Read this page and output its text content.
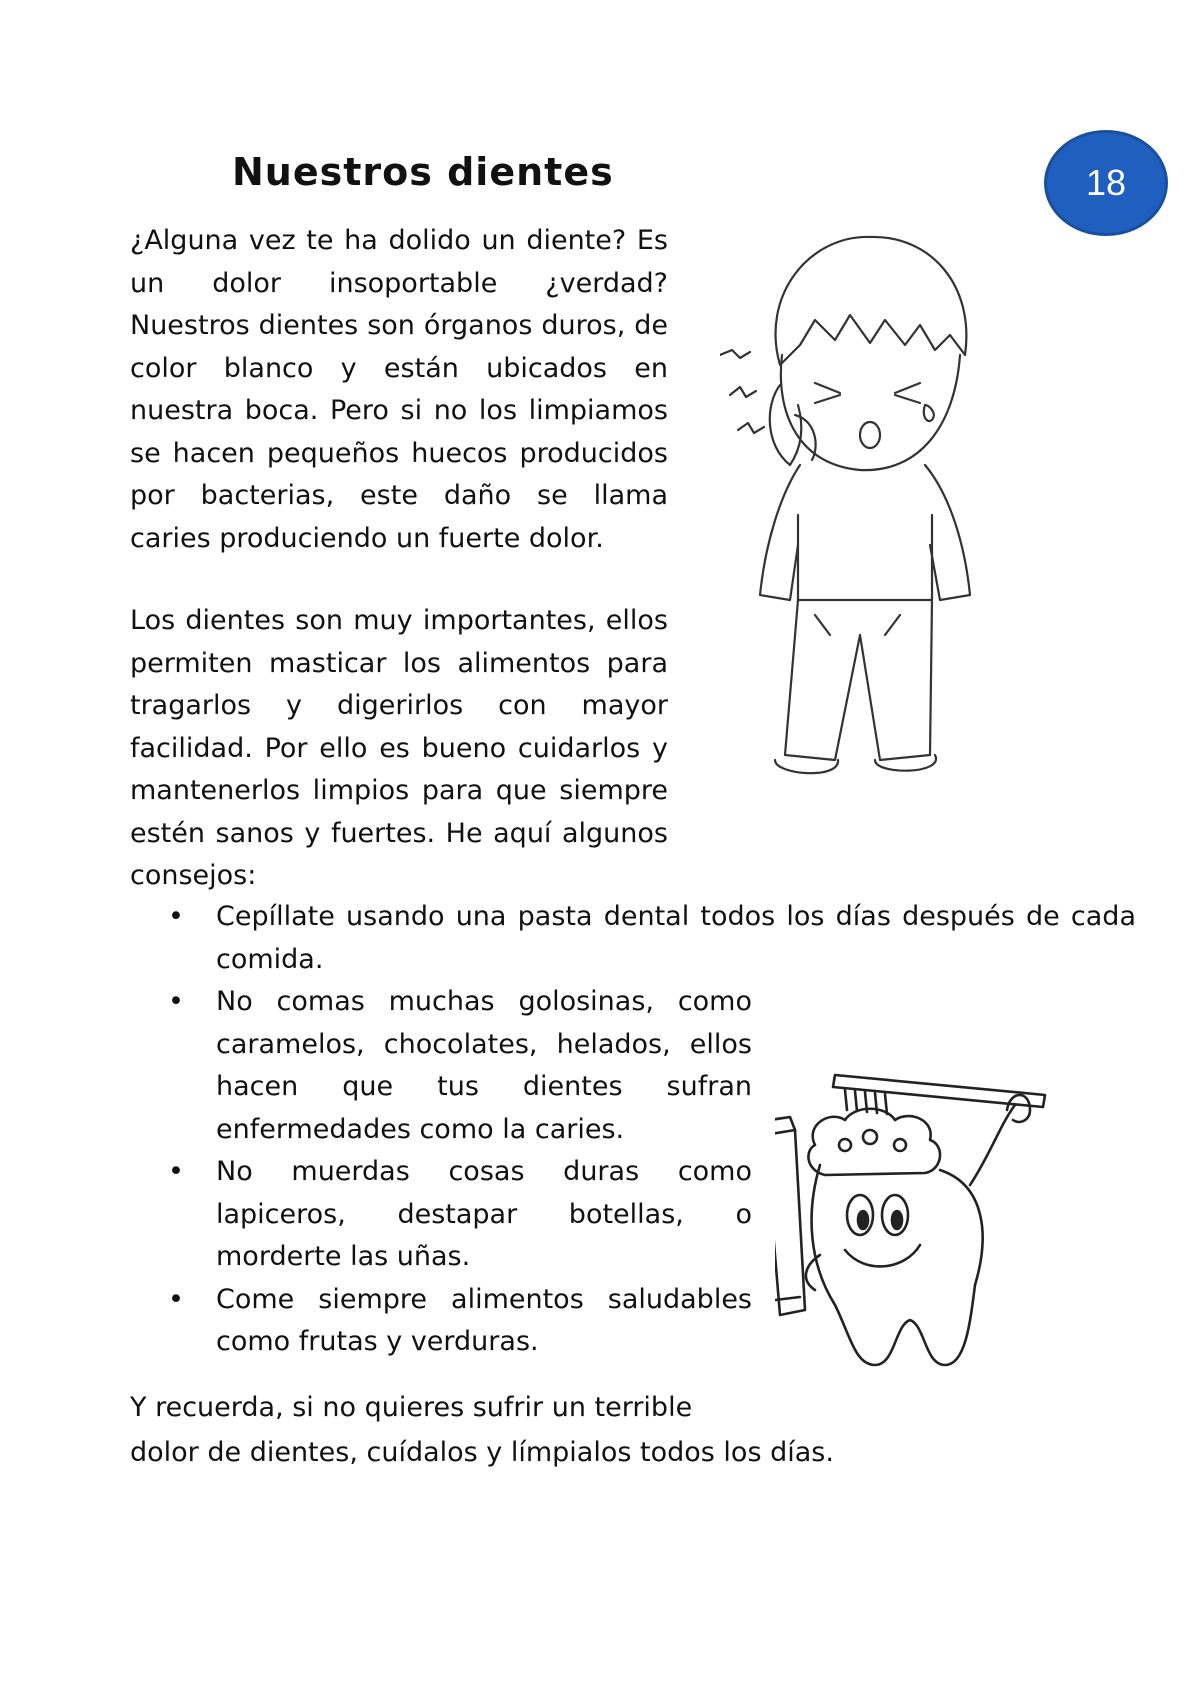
Nuestros dientes	18

¿Alguna vez te ha dolido un diente? Es un dolor insoportable ¿verdad? Nuestros dientes son órganos duros, de color blanco y están ubicados en nuestra boca. Pero si no los limpiamos se hacen pequeños huecos producidos por bacterias, este daño se llama caries produciendo un fuerte dolor.

Los dientes son muy importantes, ellos permiten masticar los alimentos para tragarlos y digerirlos con mayor facilidad. Por ello es bueno cuidarlos y mantenerlos limpios para que siempre estén sanos y fuertes. He aquí algunos consejos:

• Cepíllate usando una pasta dental todos los días después de cada comida.
• No comas muchas golosinas, como caramelos, chocolates, helados, ellos hacen que tus dientes sufran enfermedades como la caries.
• No muerdas cosas duras como lapiceros, destapar botellas, o morderte las uñas.
• Come siempre alimentos saludables como frutas y verduras.
Y recuerda, si no quieres sufrir un terrible
dolor de dientes, cuídalos y límpialos todos los días.
